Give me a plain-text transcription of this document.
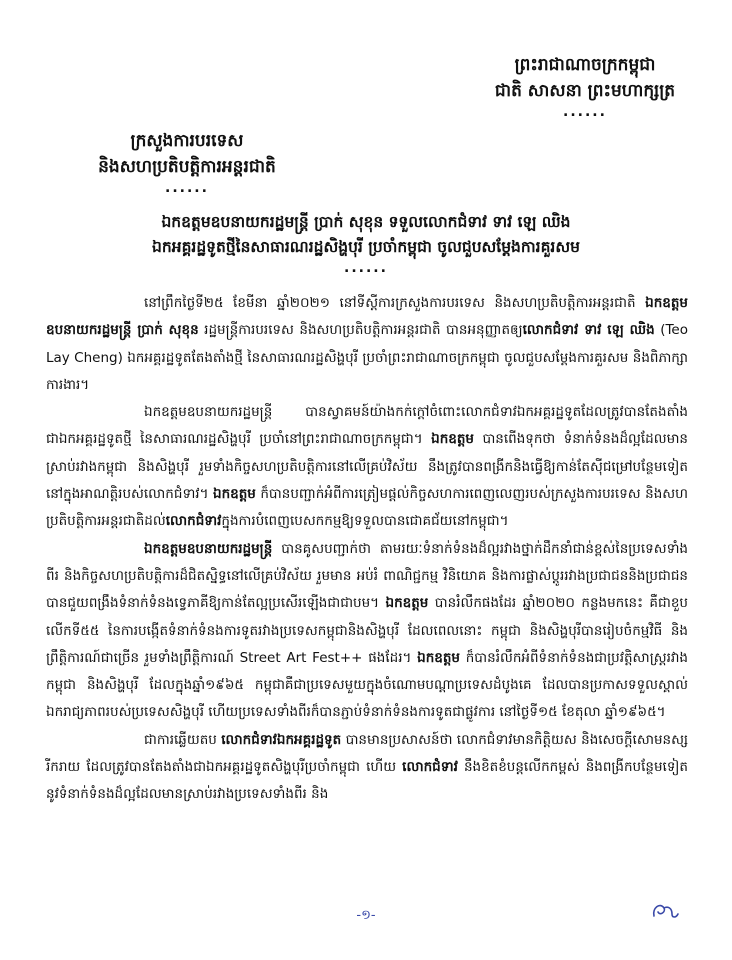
ព្រះរាជាណាចក្រកម្ពុជា
ជាតិ សាសនា ព្រះមហាក្សត្រ
......
ក្រសួងការបរទេស
និងសហប្រតិបត្តិការអន្តរជាតិ
......
ឯកឧត្តមឧបនាយករដ្ឋមន្ត្រី ប្រាក់ សុខុន ទទួលលោកជំទាវ ទាវ ឡេ ឈិង
ឯកអគ្គរដ្ឋទូតថ្មីនៃសាធារណរដ្ឋសិង្ហបុរី ប្រចាំកម្ពុជា ចូលជួបសម្តែងការគួរសម
......

នៅព្រឹកថ្ងៃទី២៥ ខែមីនា ឆ្នាំ២០២១ នៅទីស្តីការក្រសួងការបរទេស និងសហប្រតិបត្តិការអន្តរជាតិ ឯកឧត្តមឧបនាយករដ្ឋមន្ត្រី ប្រាក់ សុខុន រដ្ឋមន្ត្រីការបរទេស និងសហប្រតិបត្តិការអន្តរជាតិ បានអនុញ្ញាតឲ្យលោកជំទាវ ទាវ ឡេ ឈិង (Teo Lay Cheng) ឯកអគ្គរដ្ឋទូតតែងតាំងថ្មី នៃសាធារណរដ្ឋសិង្ហបុរី ប្រចាំព្រះរាជាណាចក្រកម្ពុជា ចូលជួបសម្តែងការគួរសម និងពិភាក្សាការងារ។

ឯកឧត្តមឧបនាយករដ្ឋមន្ត្រី បានស្វាគមន៍យ៉ាងកក់ក្តៅចំពោះលោកជំទាវឯកអគ្គរដ្ឋទូតដែលត្រូវបានតែងតាំងជាឯកអគ្គរដ្ឋទូតថ្មី នៃសាធារណរដ្ឋសិង្ហបុរី ប្រចាំនៅព្រះរាជាណាចក្រកម្ពុជា។ ឯកឧត្តម បានពើងទុកថា ទំនាក់ទំនងដ៏ល្អដែលមានស្រាប់រវាងកម្ពុជា និងសិង្ហបុរី រួមទាំងកិច្ចសហប្រតិបត្តិការនៅលើគ្រប់វិស័យ នឹងត្រូវបានពង្រីកនិងធ្វើឱ្យកាន់តែស៊ីជម្រៅបន្ថែមទៀត នៅក្នុងអាណត្តិរបស់លោកជំទាវ។ ឯកឧត្តម ក៏បានបញ្ជាក់អំពីការត្រៀមផ្តល់កិច្ចសហការពេញលេញរបស់ក្រសួងការបរទេស និងសហប្រតិបត្តិការអន្តរជាតិដល់លោកជំទាវក្នុងការបំពេញបេសកកម្មឱ្យទទួលបានជោគជ័យនៅកម្ពុជា។

ឯកឧត្តមឧបនាយករដ្ឋមន្ត្រី បានគូសបញ្ជាក់ថា តាមរយៈទំនាក់ទំនងដ៏ល្អរវាងថ្នាក់ដឹកនាំជាន់ខ្ពស់នៃប្រទេសទាំងពីរ និងកិច្ចសហប្រតិបត្តិការដ៏ជិតស្និទ្ធនៅលើគ្រប់វិស័យ រួមមាន អប់រំ ពាណិជ្ជកម្ម វិនិយោគ និងការផ្លាស់ប្តូររវាងប្រជាជននិងប្រជាជន បានជួយពង្រឹងទំនាក់ទំនងទ្វេភាគីឱ្យកាន់តែល្អប្រសើរឡើងជាជាបម។ ឯកឧត្តម បានរំលឹកផងដែរ ឆ្នាំ២០២០ កន្លងមកនេះ គឺជាខួបលើកទី៥៥ នៃការបង្កើតទំនាក់ទំនងការទូតរវាងប្រទេសកម្ពុជានិងសិង្ហបុរី ដែលពេលនោះ កម្ពុជា និងសិង្ហបុរីបានរៀបចំកម្មវិធី និងព្រឹត្តិការណ៍ជាច្រើន រួមទាំងព្រឹត្តិការណ៍ Street Art Fest++ ផងដែរ។ ឯកឧត្តម ក៏បានរំលឹកអំពីទំនាក់ទំនងជាប្រវត្តិសាស្ត្ររវាងកម្ពុជា និងសិង្ហបុរី ដែលក្នុងឆ្នាំ១៩៦៥ កម្ពុជាគឺជាប្រទេសមួយក្នុងចំណោមបណ្តាប្រទេសដំបូងគេ ដែលបានប្រកាសទទួលស្គាល់ឯករាជ្យភាពរបស់ប្រទេសសិង្ហបុរី ហើយប្រទេសទាំងពីរក៏បានភ្ជាប់ទំនាក់ទំនងការទូតជាផ្លូវការ នៅថ្ងៃទី១៥ ខែតុលា ឆ្នាំ១៩៦៥។

ជាការឆ្លើយតប លោកជំទាវឯកអគ្គរដ្ឋទូត បានមានប្រសាសន៍ថា លោកជំទាវមានកិត្តិយស និងសេចក្តីសោមនស្សរីករាយ ដែលត្រូវបានតែងតាំងជាឯកអគ្គរដ្ឋទូតសិង្ហបុរីប្រចាំកម្ពុជា ហើយ លោកជំទាវ នឹងខិតខំបន្តលើកកម្ពស់ និងពង្រីកបន្ថែមទៀតនូវទំនាក់ទំនងដ៏ល្អដែលមានស្រាប់រវាងប្រទេសទាំងពីរ និង

-១-
